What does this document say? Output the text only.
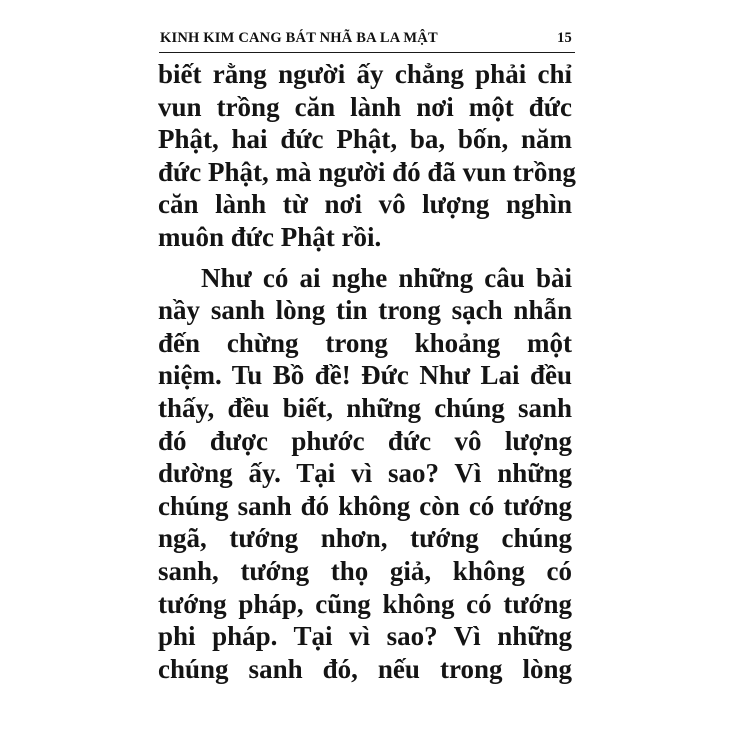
KINH KIM CANG BÁT NHÃ BA LA MẬT	15
biết rằng người ấy chẳng phải chỉ
vun trồng căn lành nơi một đức
Phật, hai đức Phật, ba, bốn, năm
đức Phật, mà người đó đã vun trồng
căn lành từ nơi vô lượng nghìn
muôn đức Phật rồi.
Như có ai nghe những câu bài
nầy sanh lòng tin trong sạch nhẫn
đến chừng trong khoảng một
niệm. Tu Bồ đề! Đức Như Lai đều
thấy, đều biết, những chúng sanh
đó được phước đức vô lượng
dường ấy. Tại vì sao? Vì những
chúng sanh đó không còn có tướng
ngã, tướng nhơn, tướng chúng
sanh, tướng thọ giả, không có
tướng pháp, cũng không có tướng
phi pháp. Tại vì sao? Vì những
chúng sanh đó, nếu trong lòng
